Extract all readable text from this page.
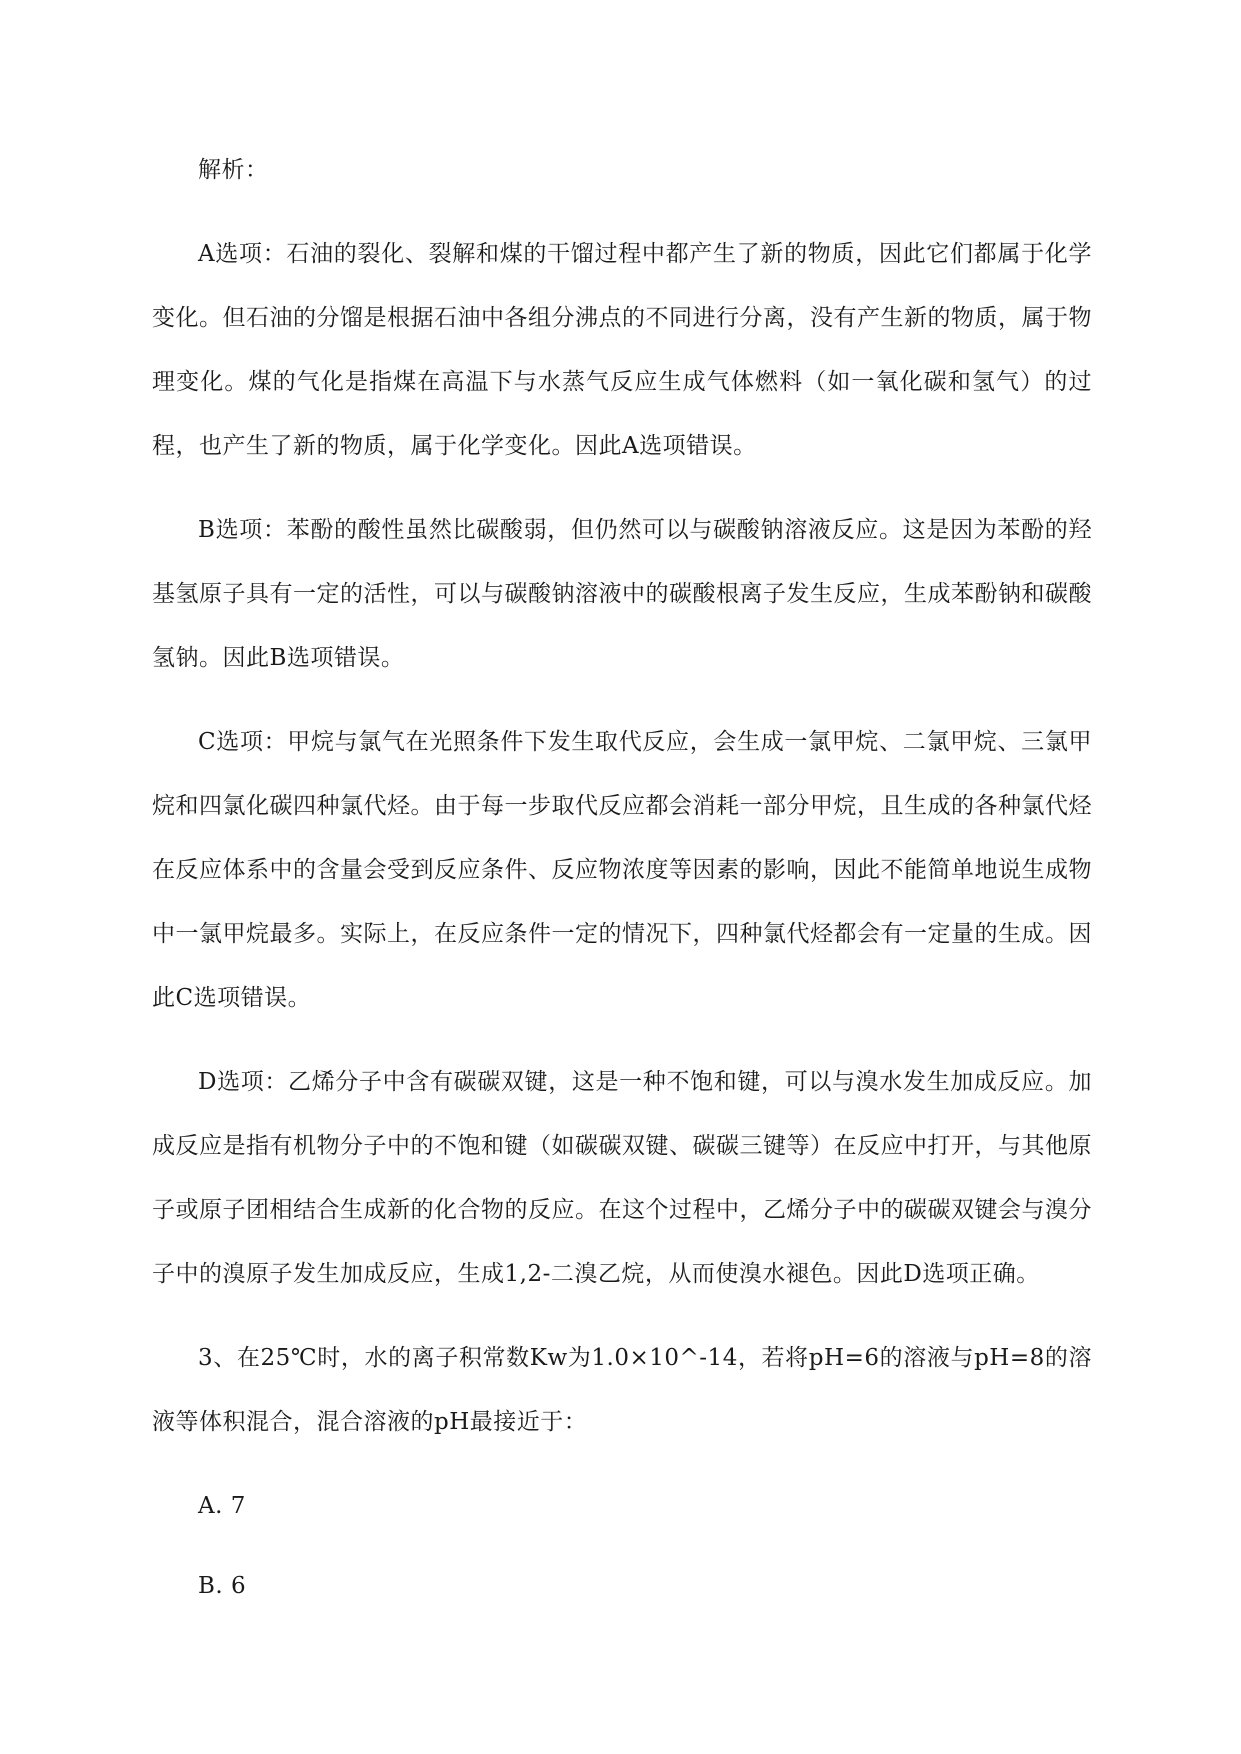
解析：

A选项：石油的裂化、裂解和煤的干馏过程中都产生了新的物质，因此它们都属于化学变化。但石油的分馏是根据石油中各组分沸点的不同进行分离，没有产生新的物质，属于物理变化。煤的气化是指煤在高温下与水蒸气反应生成气体燃料（如一氧化碳和氢气）的过程，也产生了新的物质，属于化学变化。因此A选项错误。

B选项：苯酚的酸性虽然比碳酸弱，但仍然可以与碳酸钠溶液反应。这是因为苯酚的羟基氢原子具有一定的活性，可以与碳酸钠溶液中的碳酸根离子发生反应，生成苯酚钠和碳酸氢钠。因此B选项错误。

C选项：甲烷与氯气在光照条件下发生取代反应，会生成一氯甲烷、二氯甲烷、三氯甲烷和四氯化碳四种氯代烃。由于每一步取代反应都会消耗一部分甲烷，且生成的各种氯代烃在反应体系中的含量会受到反应条件、反应物浓度等因素的影响，因此不能简单地说生成物中一氯甲烷最多。实际上，在反应条件一定的情况下，四种氯代烃都会有一定量的生成。因此C选项错误。

D选项：乙烯分子中含有碳碳双键，这是一种不饱和键，可以与溴水发生加成反应。加成反应是指有机物分子中的不饱和键（如碳碳双键、碳碳三键等）在反应中打开，与其他原子或原子团相结合生成新的化合物的反应。在这个过程中，乙烯分子中的碳碳双键会与溴分子中的溴原子发生加成反应，生成1,2-二溴乙烷，从而使溴水褪色。因此D选项正确。

3、在25℃时，水的离子积常数Kw为1.0×10^-14，若将pH=6的溶液与pH=8的溶液等体积混合，混合溶液的pH最接近于：

A. 7

B. 6
